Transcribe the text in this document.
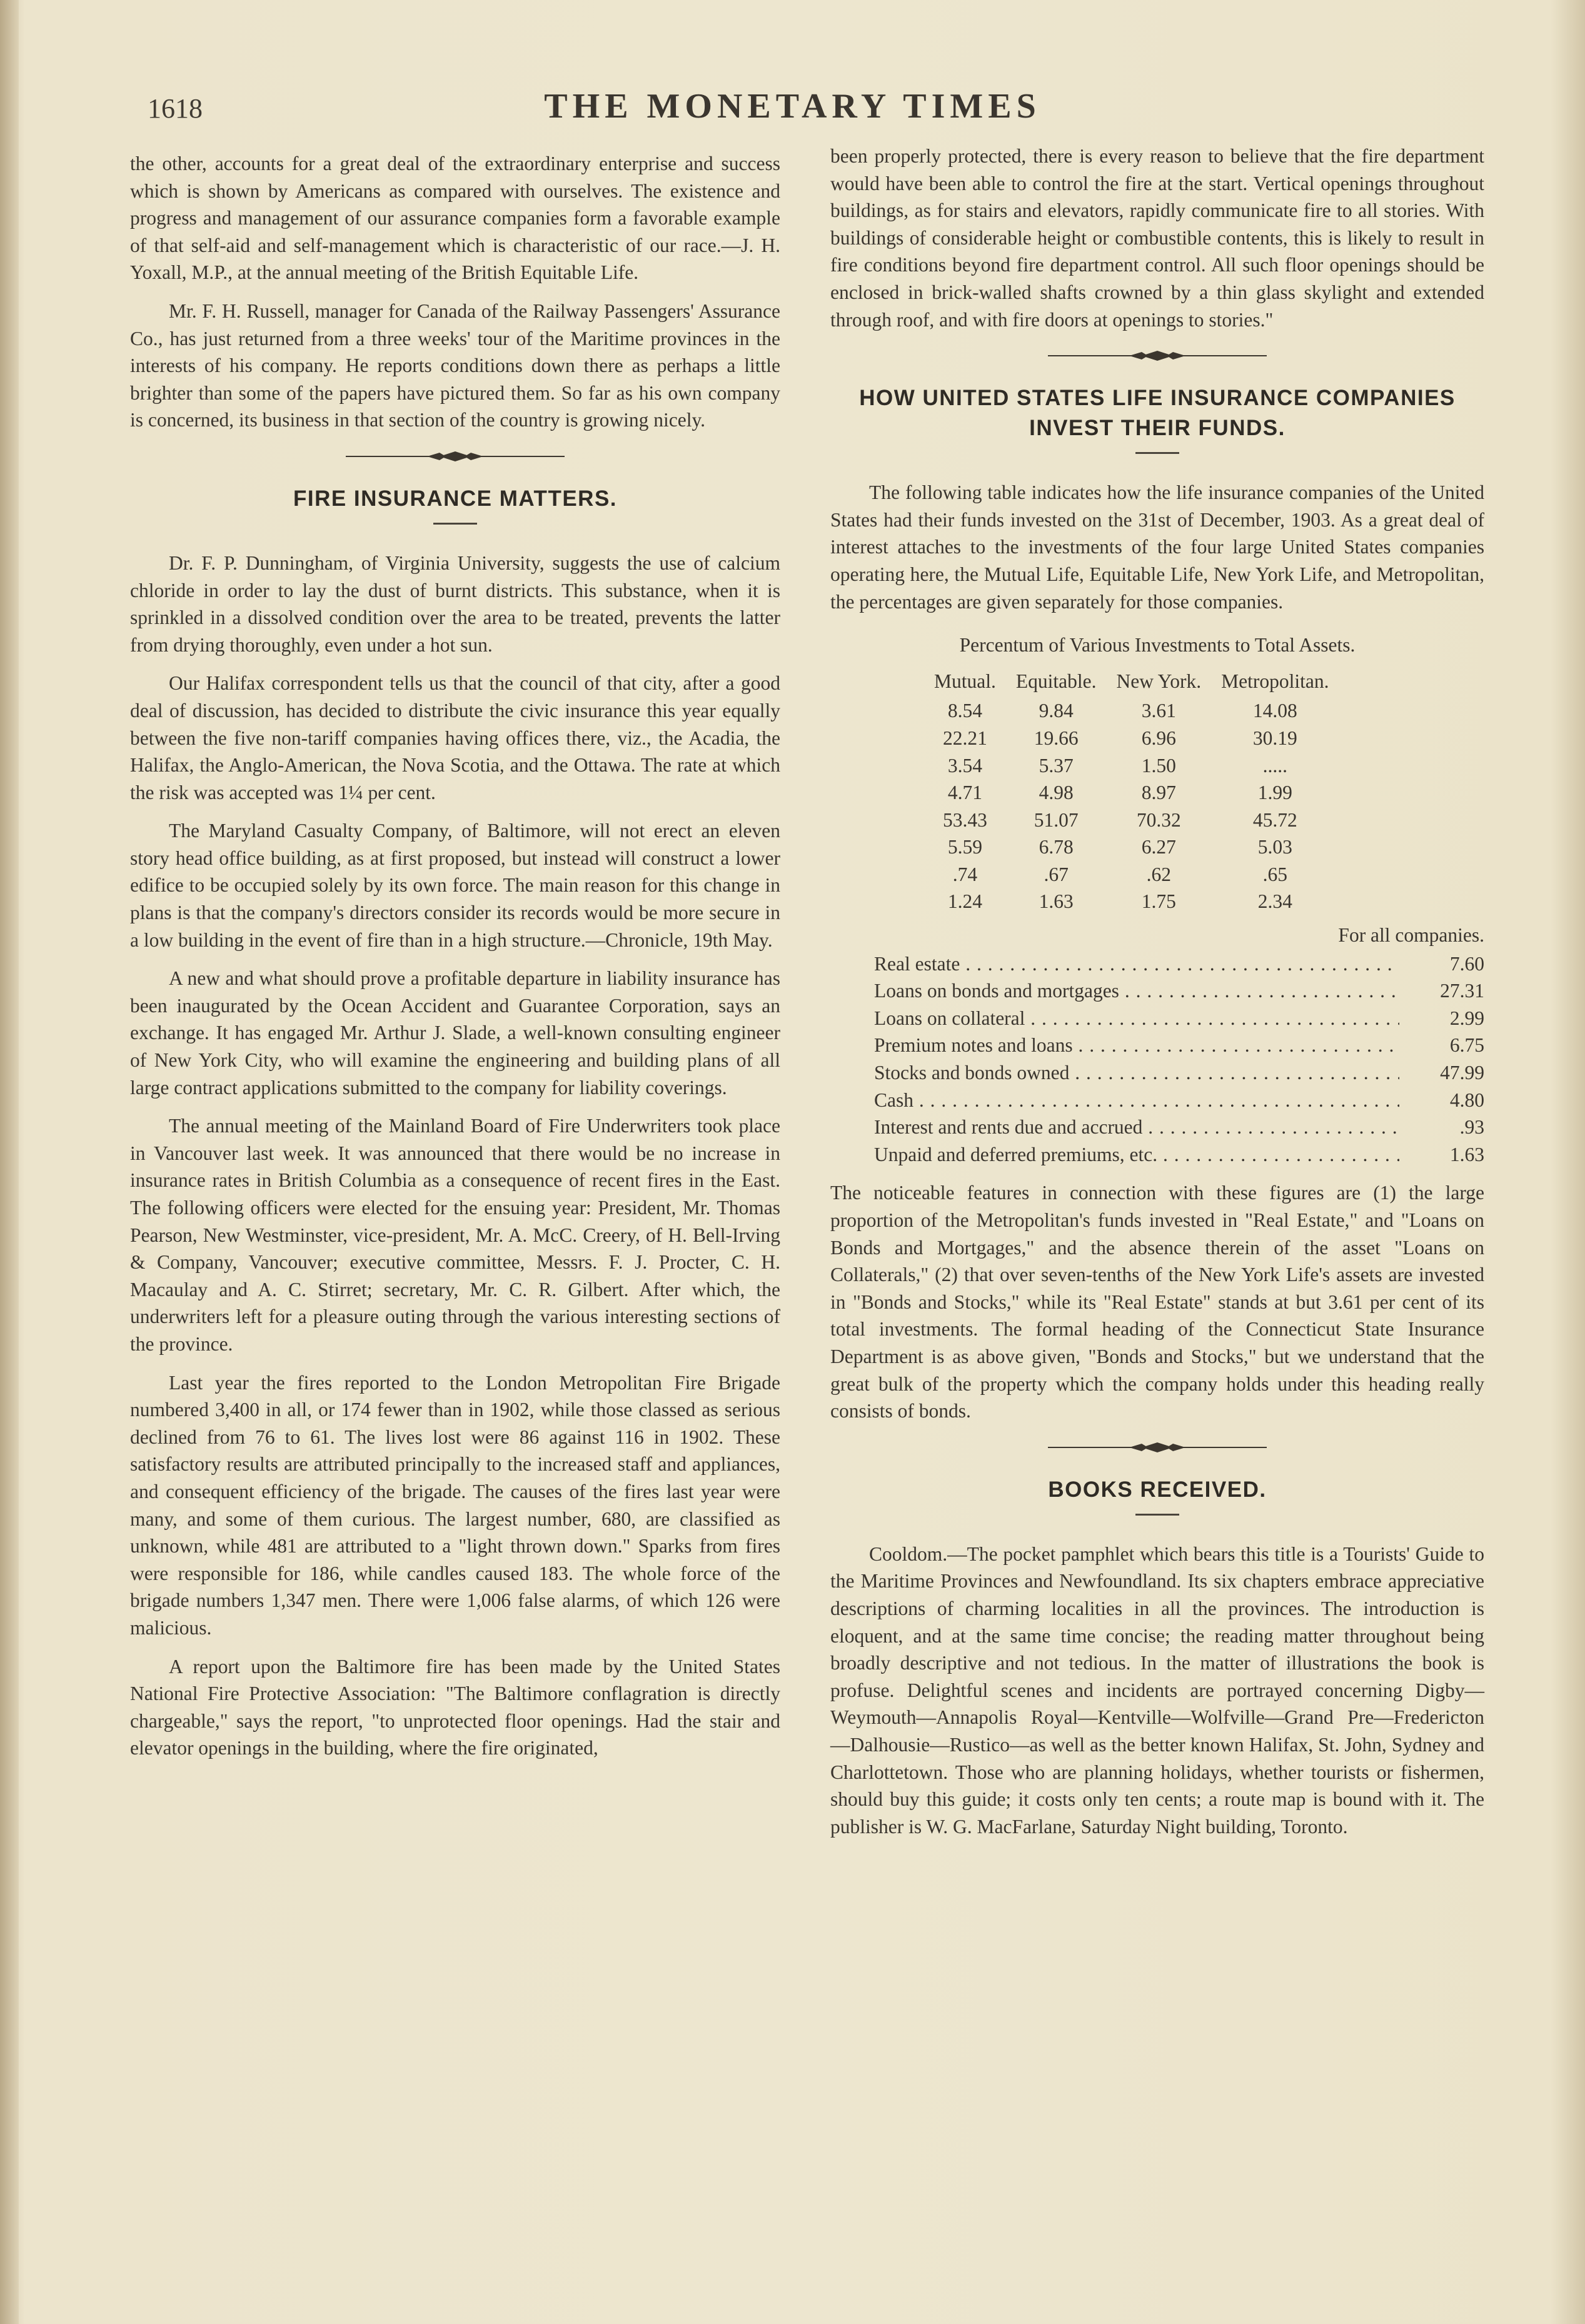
1618	THE MONETARY TIMES

the other, accounts for a great deal of the extraordinary enterprise and success which is shown by Americans as compared with ourselves. The existence and progress and management of our assurance companies form a favorable example of that self-aid and self-management which is characteristic of our race.—J. H. Yoxall, M.P., at the annual meeting of the British Equitable Life.

Mr. F. H. Russell, manager for Canada of the Railway Passengers' Assurance Co., has just returned from a three weeks' tour of the Maritime provinces in the interests of his company. He reports conditions down there as perhaps a little brighter than some of the papers have pictured them. So far as his own company is concerned, its business in that section of the country is growing nicely.

FIRE INSURANCE MATTERS.

Dr. F. P. Dunningham, of Virginia University, suggests the use of calcium chloride in order to lay the dust of burnt districts. This substance, when it is sprinkled in a dissolved condition over the area to be treated, prevents the latter from drying thoroughly, even under a hot sun.

Our Halifax correspondent tells us that the council of that city, after a good deal of discussion, has decided to distribute the civic insurance this year equally between the five non-tariff companies having offices there, viz., the Acadia, the Halifax, the Anglo-American, the Nova Scotia, and the Ottawa. The rate at which the risk was accepted was 1¼ per cent.

The Maryland Casualty Company, of Baltimore, will not erect an eleven story head office building, as at first proposed, but instead will construct a lower edifice to be occupied solely by its own force. The main reason for this change in plans is that the company's directors consider its records would be more secure in a low building in the event of fire than in a high structure.—Chronicle, 19th May.

A new and what should prove a profitable departure in liability insurance has been inaugurated by the Ocean Accident and Guarantee Corporation, says an exchange. It has engaged Mr. Arthur J. Slade, a well-known consulting engineer of New York City, who will examine the engineering and building plans of all large contract applications submitted to the company for liability coverings.

The annual meeting of the Mainland Board of Fire Underwriters took place in Vancouver last week. It was announced that there would be no increase in insurance rates in British Columbia as a consequence of recent fires in the East. The following officers were elected for the ensuing year: President, Mr. Thomas Pearson, New Westminster, vice-president, Mr. A. McC. Creery, of H. Bell-Irving & Company, Vancouver; executive committee, Messrs. F. J. Procter, C. H. Macaulay and A. C. Stirret; secretary, Mr. C. R. Gilbert. After which, the underwriters left for a pleasure outing through the various interesting sections of the province.

Last year the fires reported to the London Metropolitan Fire Brigade numbered 3,400 in all, or 174 fewer than in 1902, while those classed as serious declined from 76 to 61. The lives lost were 86 against 116 in 1902. These satisfactory results are attributed principally to the increased staff and appliances, and consequent efficiency of the brigade. The causes of the fires last year were many, and some of them curious. The largest number, 680, are classified as unknown, while 481 are attributed to a "light thrown down." Sparks from fires were responsible for 186, while candles caused 183. The whole force of the brigade numbers 1,347 men. There were 1,006 false alarms, of which 126 were malicious.

A report upon the Baltimore fire has been made by the United States National Fire Protective Association: "The Baltimore conflagration is directly chargeable," says the report, "to unprotected floor openings. Had the stair and elevator openings in the building, where the fire originated,

been properly protected, there is every reason to believe that the fire department would have been able to control the fire at the start. Vertical openings throughout buildings, as for stairs and elevators, rapidly communicate fire to all stories. With buildings of considerable height or combustible contents, this is likely to result in fire conditions beyond fire department control. All such floor openings should be enclosed in brick-walled shafts crowned by a thin glass skylight and extended through roof, and with fire doors at openings to stories."

HOW UNITED STATES LIFE INSURANCE COMPANIES INVEST THEIR FUNDS.

The following table indicates how the life insurance companies of the United States had their funds invested on the 31st of December, 1903. As a great deal of interest attaches to the investments of the four large United States companies operating here, the Mutual Life, Equitable Life, New York Life, and Metropolitan, the percentages are given separately for those companies.

Percentum of Various Investments to Total Assets.
Mutual.	Equitable.	New York.	Metropolitan.
8.54	9.84	3.61	14.08
22.21	19.66	6.96	30.19
3.54	5.37	1.50	.....
4.71	4.98	8.97	1.99
53.43	51.07	70.32	45.72
5.59	6.78	6.27	5.03
.74	.67	.62	.65
1.24	1.63	1.75	2.34
For all companies.
Real estate . . .	7.60
Loans on bonds and mortgages . . .	27.31
Loans on collateral . . .	2.99
Premium notes and loans . . .	6.75
Stocks and bonds owned . . .	47.99
Cash . . .	4.80
Interest and rents due and accrued . . .	.93
Unpaid and deferred premiums, etc. . . .	1.63

The noticeable features in connection with these figures are (1) the large proportion of the Metropolitan's funds invested in "Real Estate," and "Loans on Bonds and Mortgages," and the absence therein of the asset "Loans on Collaterals," (2) that over seven-tenths of the New York Life's assets are invested in "Bonds and Stocks," while its "Real Estate" stands at but 3.61 per cent of its total investments. The formal heading of the Connecticut State Insurance Department is as above given, "Bonds and Stocks," but we understand that the great bulk of the property which the company holds under this heading really consists of bonds.

BOOKS RECEIVED.

Cooldom.—The pocket pamphlet which bears this title is a Tourists' Guide to the Maritime Provinces and Newfoundland. Its six chapters embrace appreciative descriptions of charming localities in all the provinces. The introduction is eloquent, and at the same time concise; the reading matter throughout being broadly descriptive and not tedious. In the matter of illustrations the book is profuse. Delightful scenes and incidents are portrayed concerning Digby—Weymouth—Annapolis Royal—Kentville—Wolfville—Grand Pre—Fredericton—Dalhousie—Rustico—as well as the better known Halifax, St. John, Sydney and Charlottetown. Those who are planning holidays, whether tourists or fishermen, should buy this guide; it costs only ten cents; a route map is bound with it. The publisher is W. G. MacFarlane, Saturday Night building, Toronto.
